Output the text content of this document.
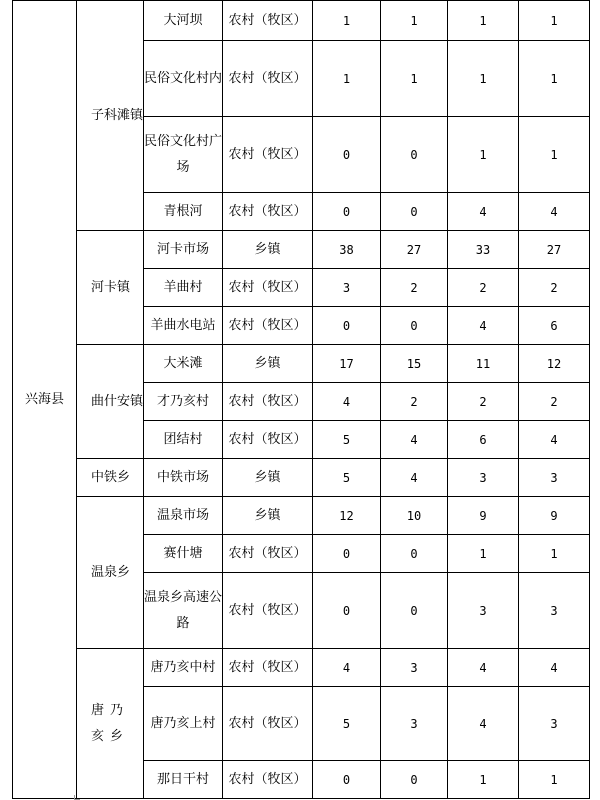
兴海县	子科滩镇	大河坝	农村（牧区）	1	1	1	1
		民俗文化村内	农村（牧区）	1	1	1	1
		民俗文化村广场	农村（牧区）	0	0	1	1
		青根河	农村（牧区）	0	0	4	4
	河卡镇	河卡市场	乡镇	38	27	33	27
		羊曲村	农村（牧区）	3	2	2	2
		羊曲水电站	农村（牧区）	0	0	4	6
	曲什安镇	大米滩	乡镇	17	15	11	12
		才乃亥村	农村（牧区）	4	2	2	2
		团结村	农村（牧区）	5	4	6	4
	中铁乡	中铁市场	乡镇	5	4	3	3
	温泉乡	温泉市场	乡镇	12	10	9	9
		赛什塘	农村（牧区）	0	0	1	1
		温泉乡高速公路	农村（牧区）	0	0	3	3
	唐乃亥乡	唐乃亥中村	农村（牧区）	4	3	4	4
		唐乃亥上村	农村（牧区）	5	3	4	3
		那日干村	农村（牧区）	0	0	1	1
